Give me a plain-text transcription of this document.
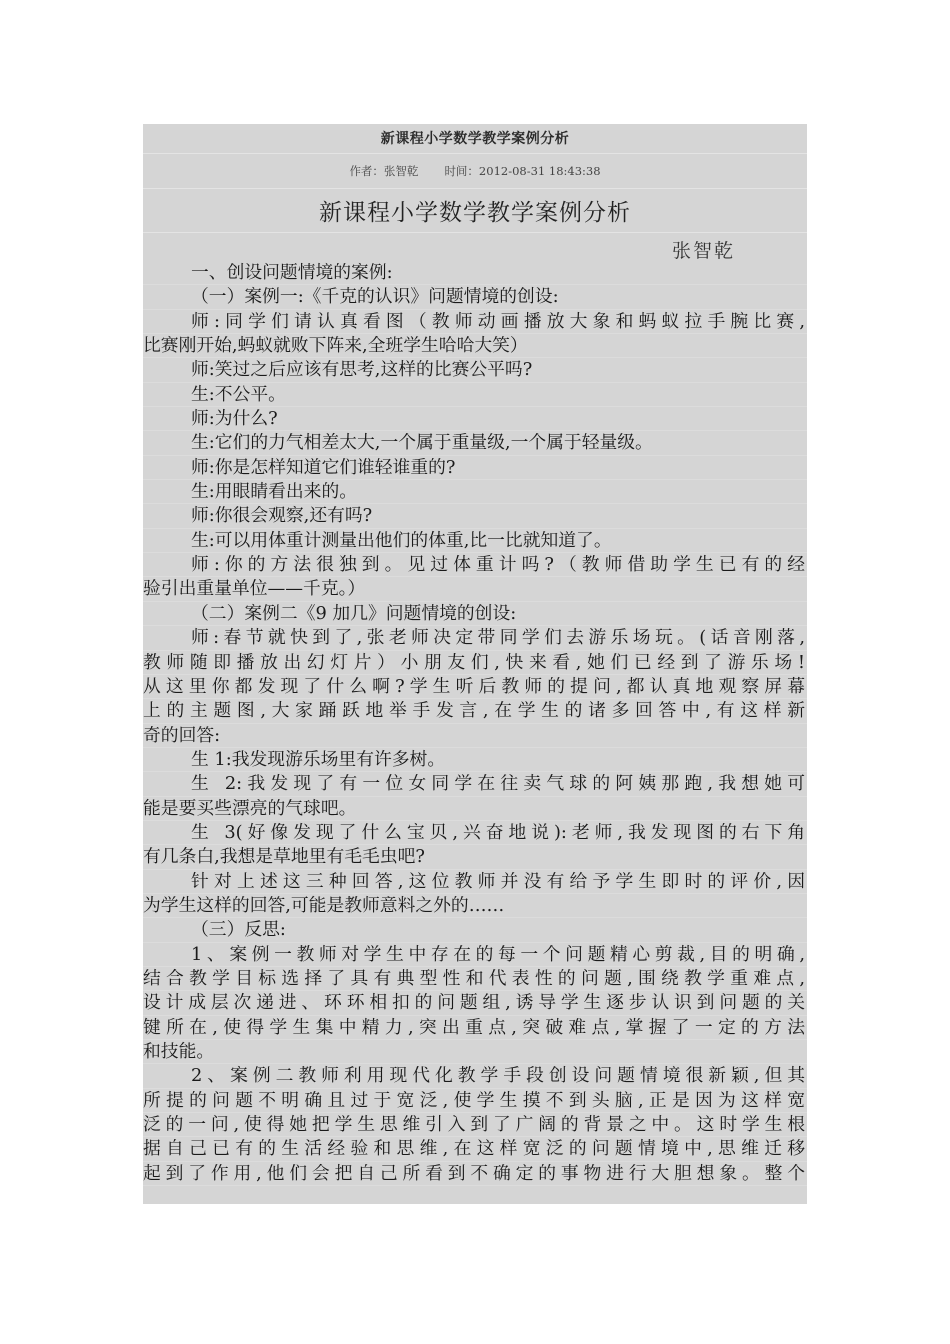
新课程小学数学教学案例分析
作者：张智乾 时间：2012-08-31 18:43:38
新课程小学数学教学案例分析
张智乾
一、创设问题情境的案例:
（一）案例一:《千克的认识》问题情境的创设:
师:同学们请认真看图（教师动画播放大象和蚂蚁拉手腕比赛,
比赛刚开始,蚂蚁就败下阵来,全班学生哈哈大笑）
师:笑过之后应该有思考,这样的比赛公平吗?
生:不公平。
师:为什么?
生:它们的力气相差太大,一个属于重量级,一个属于轻量级。
师:你是怎样知道它们谁轻谁重的?
生:用眼睛看出来的。
师:你很会观察,还有吗?
生:可以用体重计测量出他们的体重,比一比就知道了。
师:你的方法很独到。见过体重计吗?（教师借助学生已有的经
验引出重量单位——千克。）
（二）案例二《9 加几》问题情境的创设:
师:春节就快到了,张老师决定带同学们去游乐场玩。(话音刚落,
教师随即播放出幻灯片）小朋友们,快来看,她们已经到了游乐场!
从这里你都发现了什么啊?学生听后教师的提问,都认真地观察屏幕
上的主题图,大家踊跃地举手发言,在学生的诸多回答中,有这样新
奇的回答:
生 1:我发现游乐场里有许多树。
生 2:我发现了有一位女同学在往卖气球的阿姨那跑,我想她可
能是要买些漂亮的气球吧。
生 3(好像发现了什么宝贝,兴奋地说):老师,我发现图的右下角
有几条白,我想是草地里有毛毛虫吧?
针对上述这三种回答,这位教师并没有给予学生即时的评价,因
为学生这样的回答,可能是教师意料之外的……
（三）反思:
1、案例一教师对学生中存在的每一个问题精心剪裁,目的明确,
结合教学目标选择了具有典型性和代表性的问题,围绕教学重难点,
设计成层次递进、环环相扣的问题组,诱导学生逐步认识到问题的关
键所在,使得学生集中精力,突出重点,突破难点,掌握了一定的方法
和技能。
2、案例二教师利用现代化教学手段创设问题情境很新颖,但其
所提的问题不明确且过于宽泛,使学生摸不到头脑,正是因为这样宽
泛的一问,使得她把学生思维引入到了广阔的背景之中。这时学生根
据自己已有的生活经验和思维,在这样宽泛的问题情境中,思维迁移
起到了作用,他们会把自己所看到不确定的事物进行大胆想象。整个
